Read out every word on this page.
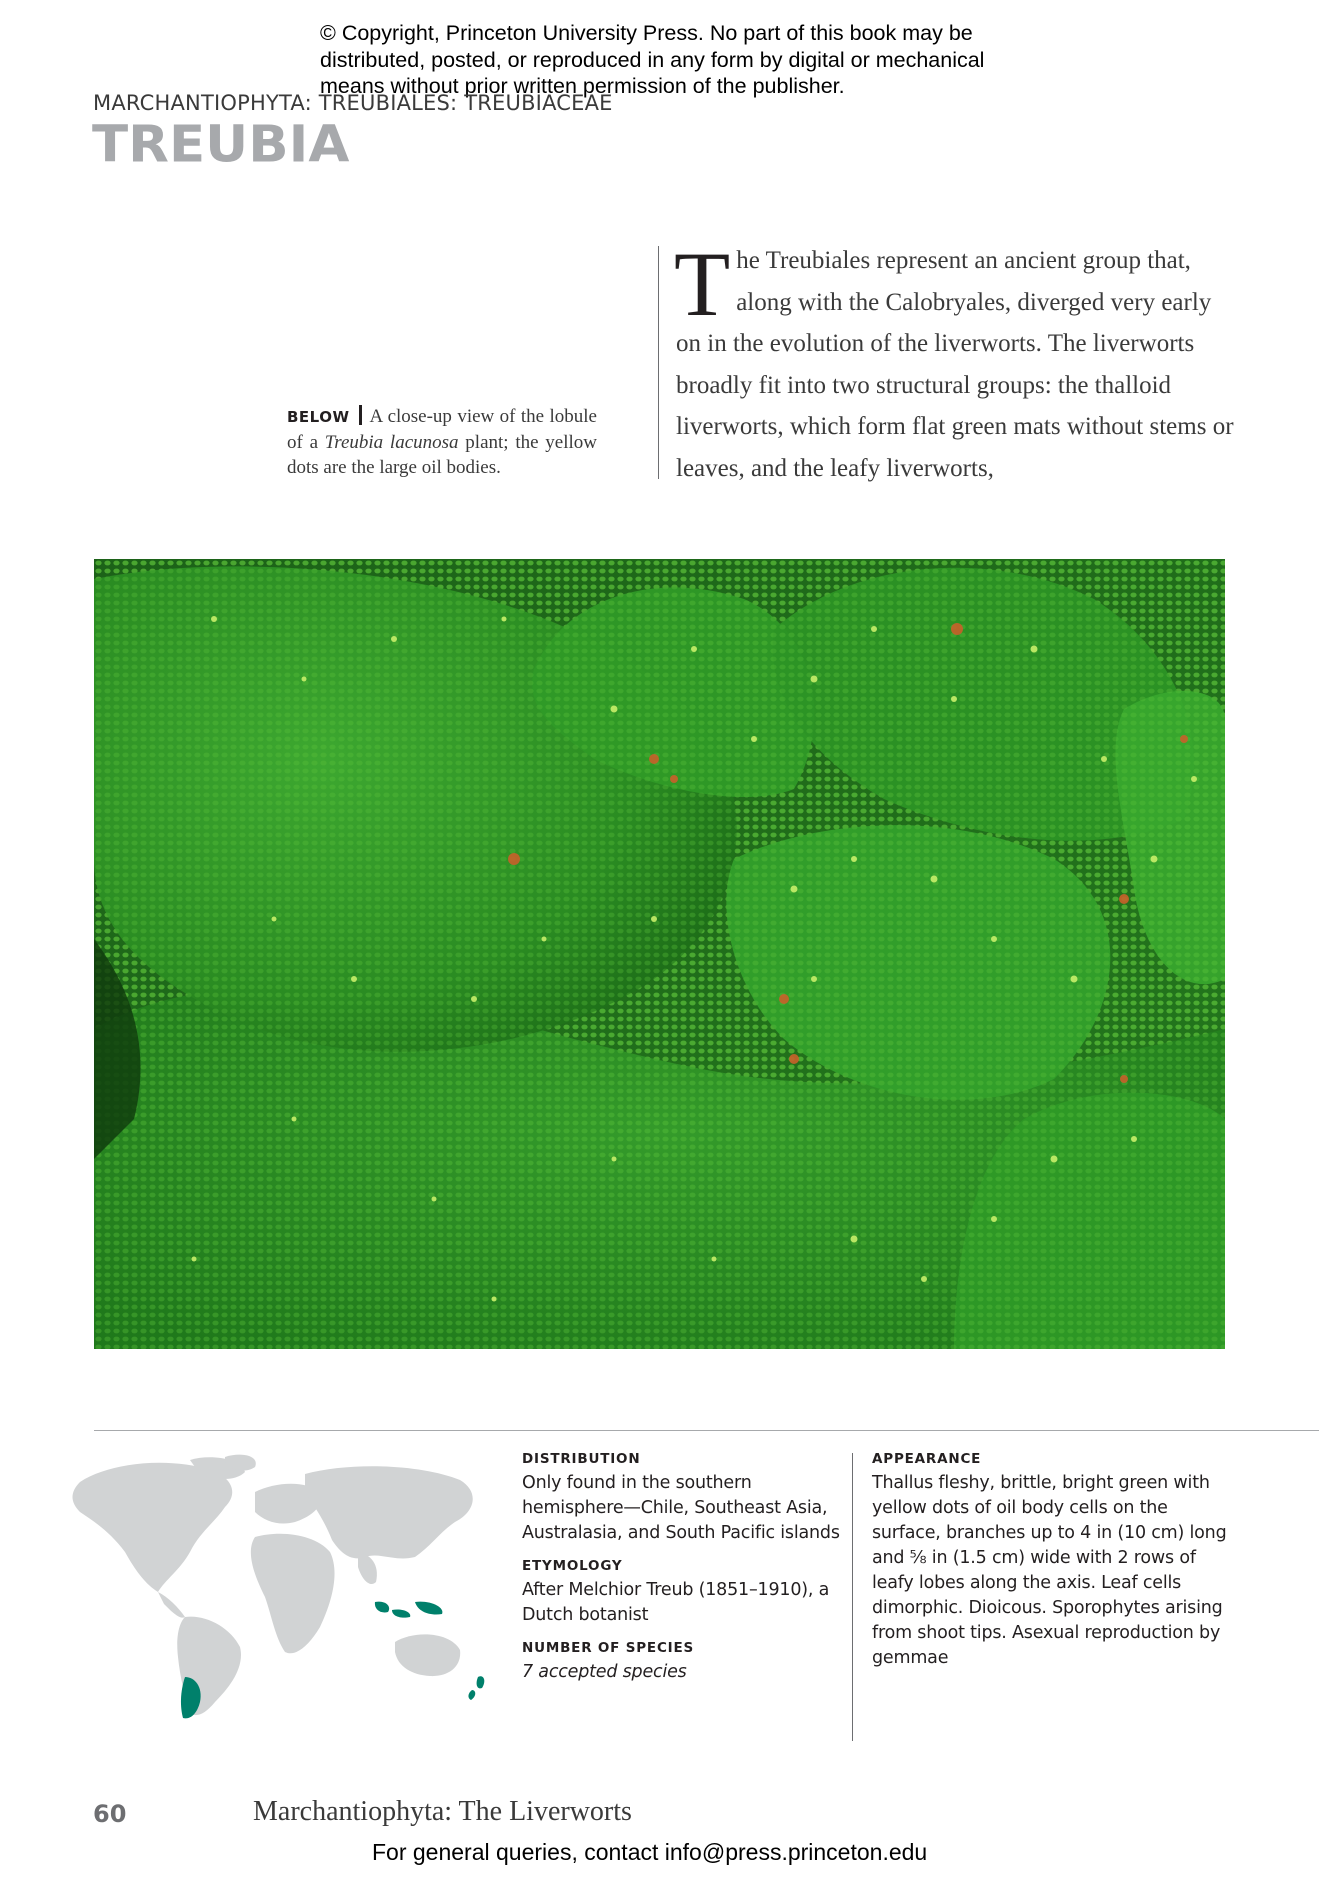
© Copyright, Princeton University Press. No part of this book may be distributed, posted, or reproduced in any form by digital or mechanical means without prior written permission of the publisher.
MARCHANTIOPHYTA: TREUBIALES: TREUBIACEAE
TREUBIA
BELOW A close-up view of the lobule of a Treubia lacunosa plant; the yellow dots are the large oil bodies.
The Treubiales represent an ancient group that, along with the Calobryales, diverged very early on in the evolution of the liverworts. The liverworts broadly fit into two structural groups: the thalloid liverworts, which form flat green mats without stems or leaves, and the leafy liverworts,
DISTRIBUTION
Only found in the southern hemisphere—Chile, Southeast Asia, Australasia, and South Pacific islands
ETYMOLOGY
After Melchior Treub (1851–1910), a Dutch botanist
NUMBER OF SPECIES
7 accepted species
APPEARANCE
Thallus fleshy, brittle, bright green with yellow dots of oil body cells on the surface, branches up to 4 in (10 cm) long and ⅝ in (1.5 cm) wide with 2 rows of leafy lobes along the axis. Leaf cells dimorphic. Dioicous. Sporophytes arising from shoot tips. Asexual reproduction by gemmae
60	Marchantiophyta: The Liverworts
For general queries, contact info@press.princeton.edu
